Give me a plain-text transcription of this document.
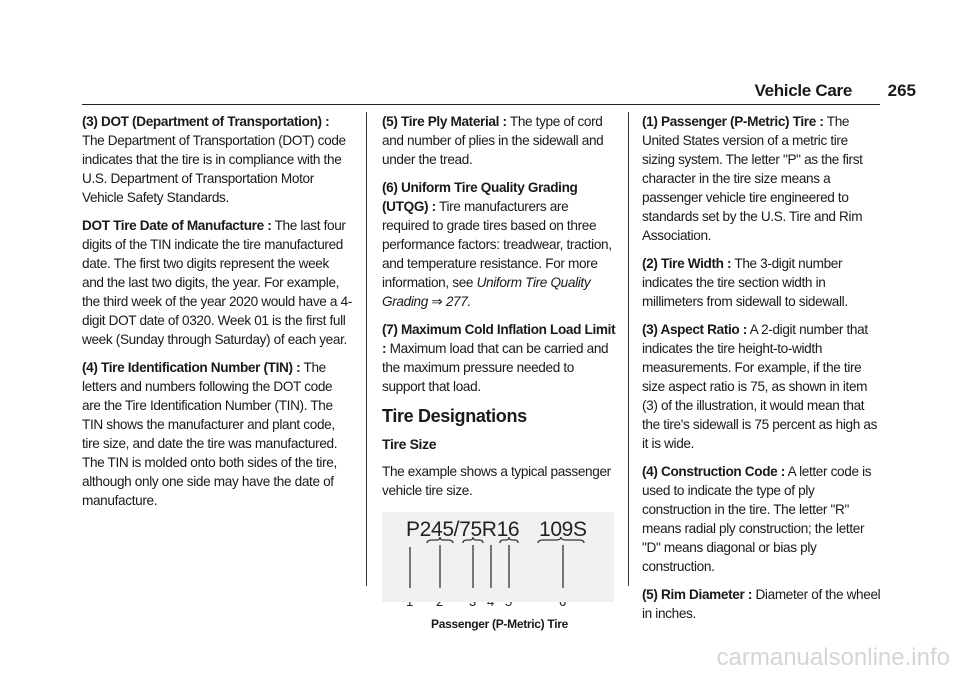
Vehicle Care 265

(3) DOT (Department of Transportation) : The Department of Transportation (DOT) code indicates that the tire is in compliance with the U.S. Department of Transportation Motor Vehicle Safety Standards.

DOT Tire Date of Manufacture : The last four digits of the TIN indicate the tire manufactured date. The first two digits represent the week and the last two digits, the year. For example, the third week of the year 2020 would have a 4-digit DOT date of 0320. Week 01 is the first full week (Sunday through Saturday) of each year.

(4) Tire Identification Number (TIN) : The letters and numbers following the DOT code are the Tire Identification Number (TIN). The TIN shows the manufacturer and plant code, tire size, and date the tire was manufactured. The TIN is molded onto both sides of the tire, although only one side may have the date of manufacture.

(5) Tire Ply Material : The type of cord and number of plies in the sidewall and under the tread.

(6) Uniform Tire Quality Grading (UTQG) : Tire manufacturers are required to grade tires based on three performance factors: treadwear, traction, and temperature resistance. For more information, see Uniform Tire Quality Grading ⇒ 277.

(7) Maximum Cold Inflation Load Limit : Maximum load that can be carried and the maximum pressure needed to support that load.

Tire Designations
Tire Size

The example shows a typical passenger vehicle tire size.

P245/75R16 109S
Passenger (P-Metric) Tire

(1) Passenger (P-Metric) Tire : The United States version of a metric tire sizing system. The letter "P" as the first character in the tire size means a passenger vehicle tire engineered to standards set by the U.S. Tire and Rim Association.

(2) Tire Width : The 3-digit number indicates the tire section width in millimeters from sidewall to sidewall.

(3) Aspect Ratio : A 2-digit number that indicates the tire height-to-width measurements. For example, if the tire size aspect ratio is 75, as shown in item (3) of the illustration, it would mean that the tire's sidewall is 75 percent as high as it is wide.

(4) Construction Code : A letter code is used to indicate the type of ply construction in the tire. The letter "R" means radial ply construction; the letter "D" means diagonal or bias ply construction.

(5) Rim Diameter : Diameter of the wheel in inches.

carmanualsonline.info
